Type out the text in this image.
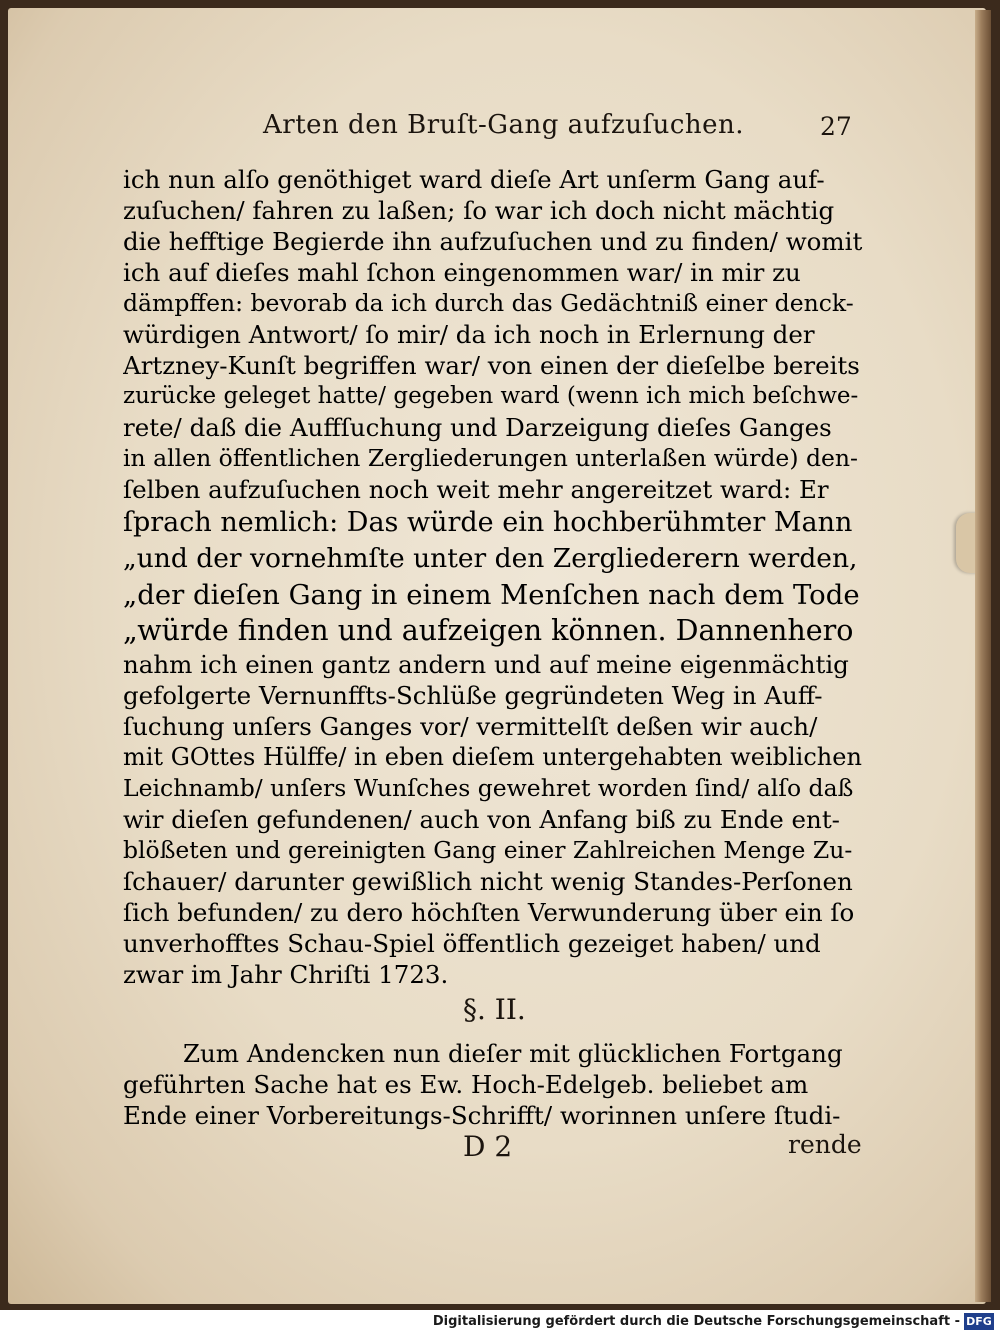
Arten den Bruſt-Gang aufzuſuchen.	27
ich nun alſo genöthiget ward dieſe Art unſerm Gang auf-
zuſuchen/ fahren zu laßen; ſo war ich doch nicht mächtig
die hefftige Begierde ihn aufzuſuchen und zu finden/ womit
ich auf dieſes mahl ſchon eingenommen war/ in mir zu
dämpffen: bevorab da ich durch das Gedächtniß einer denck-
würdigen Antwort/ ſo mir/ da ich noch in Erlernung der
Artzney-Kunſt begriffen war/ von einen der dieſelbe bereits
zurücke geleget hatte/ gegeben ward (wenn ich mich beſchwe-
rete/ daß die Auffſuchung und Darzeigung dieſes Ganges
in allen öffentlichen Zergliederungen unterlaßen würde) den-
ſelben aufzuſuchen noch weit mehr angereitzet ward: Er
ſprach nemlich: Das würde ein hochberühmter Mann
„und der vornehmſte unter den Zergliederern werden,
„der dieſen Gang in einem Menſchen nach dem Tode
„würde finden und aufzeigen können. Dannenhero
nahm ich einen gantz andern und auf meine eigenmächtig
gefolgerte Vernunffts-Schlüße gegründeten Weg in Auff-
ſuchung unſers Ganges vor/ vermittelſt deßen wir auch/
mit GOttes Hülffe/ in eben dieſem untergehabten weiblichen
Leichnamb/ unſers Wunſches gewehret worden ſind/ alſo daß
wir dieſen gefundenen/ auch von Anfang biß zu Ende ent-
blößeten und gereinigten Gang einer Zahlreichen Menge Zu-
ſchauer/ darunter gewißlich nicht wenig Standes-Perſonen
ſich befunden/ zu dero höchſten Verwunderung über ein ſo
unverhofftes Schau-Spiel öffentlich gezeiget haben/ und
zwar im Jahr Chriſti 1723.
§. II.
Zum Andencken nun dieſer mit glücklichen Fortgang
geführten Sache hat es Ew. Hoch-Edelgeb. beliebet am
Ende einer Vorbereitungs-Schrifft/ worinnen unſere ſtudi-
D 2	rende
Digitalisierung gefördert durch die Deutsche Forschungsgemeinschaft - DFG
